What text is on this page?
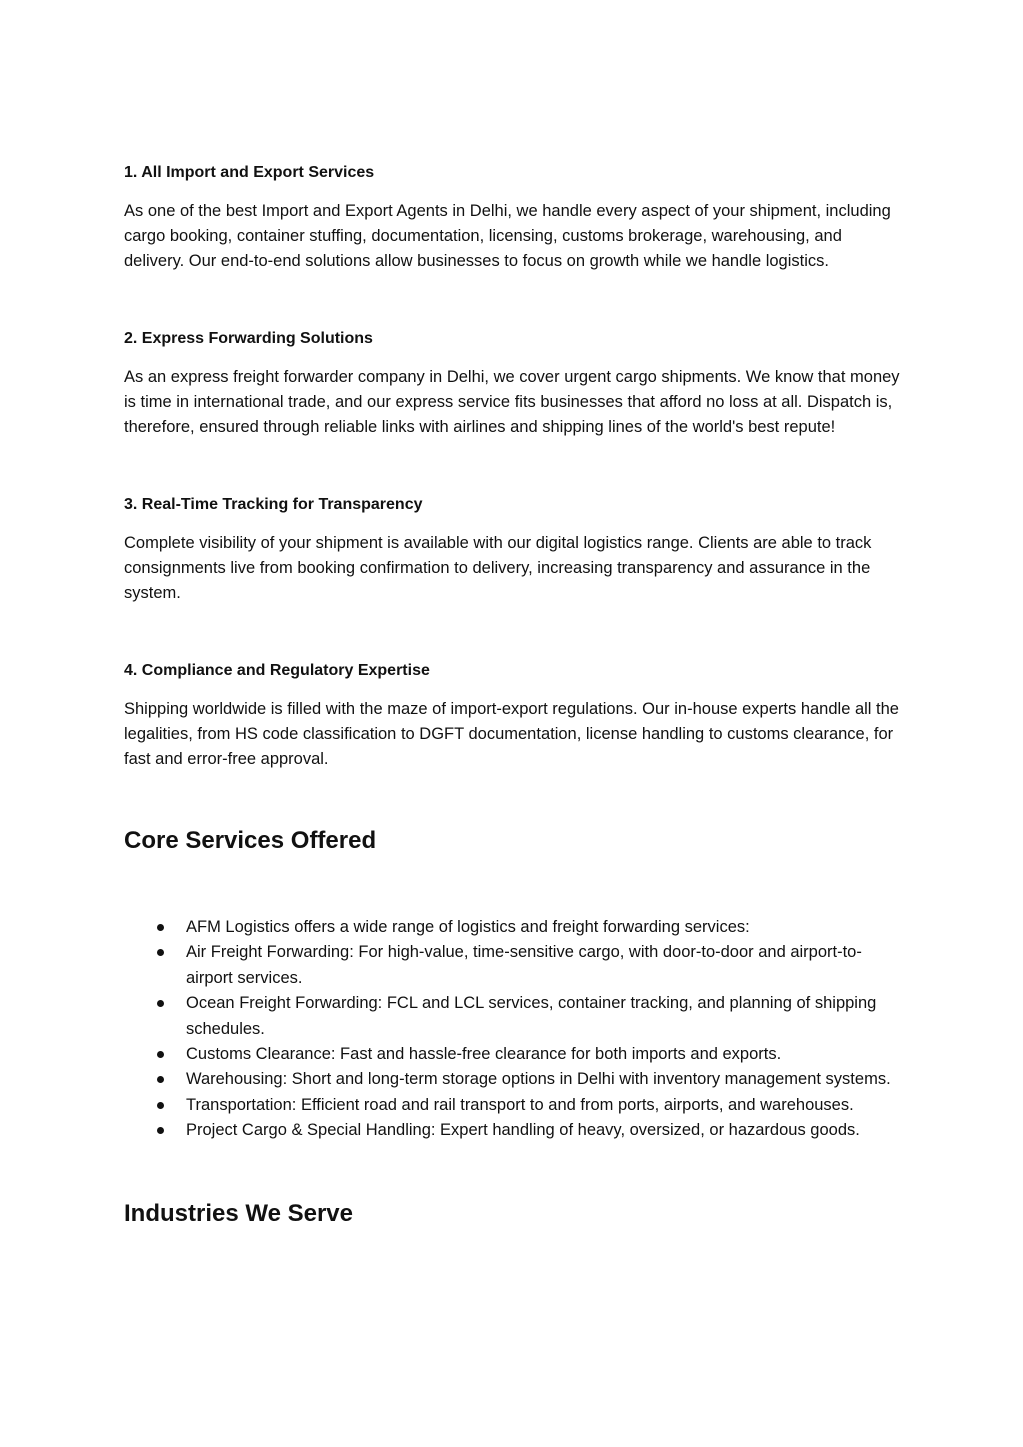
1. All Import and Export Services

As one of the best Import and Export Agents in Delhi, we handle every aspect of your shipment, including cargo booking, container stuffing, documentation, licensing, customs brokerage, warehousing, and delivery. Our end-to-end solutions allow businesses to focus on growth while we handle logistics.

2. Express Forwarding Solutions

As an express freight forwarder company in Delhi, we cover urgent cargo shipments. We know that money is time in international trade, and our express service fits businesses that afford no loss at all. Dispatch is, therefore, ensured through reliable links with airlines and shipping lines of the world's best repute!

3. Real-Time Tracking for Transparency

Complete visibility of your shipment is available with our digital logistics range. Clients are able to track consignments live from booking confirmation to delivery, increasing transparency and assurance in the system.

4. Compliance and Regulatory Expertise

Shipping worldwide is filled with the maze of import-export regulations. Our in-house experts handle all the legalities, from HS code classification to DGFT documentation, license handling to customs clearance, for fast and error-free approval.

Core Services Offered
AFM Logistics offers a wide range of logistics and freight forwarding services:
Air Freight Forwarding: For high-value, time-sensitive cargo, with door-to-door and airport-to-airport services.
Ocean Freight Forwarding: FCL and LCL services, container tracking, and planning of shipping schedules.
Customs Clearance: Fast and hassle-free clearance for both imports and exports.
Warehousing: Short and long-term storage options in Delhi with inventory management systems.
Transportation: Efficient road and rail transport to and from ports, airports, and warehouses.
Project Cargo & Special Handling: Expert handling of heavy, oversized, or hazardous goods.
Industries We Serve
